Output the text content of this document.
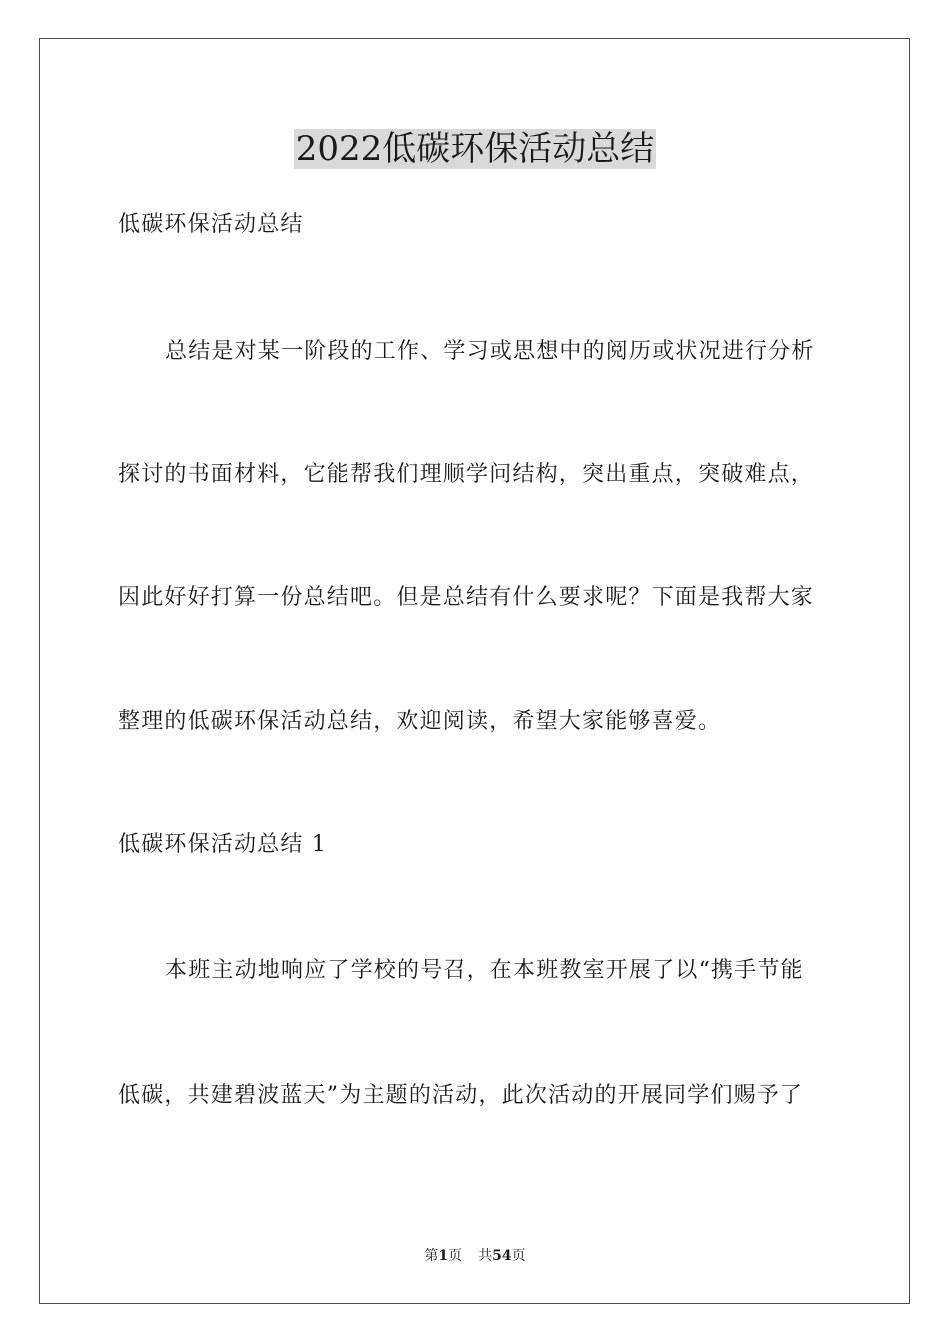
2022低碳环保活动总结
低碳环保活动总结
总结是对某一阶段的工作、学习或思想中的阅历或状况进行分析
探讨的书面材料，它能帮我们理顺学问结构，突出重点，突破难点，
因此好好打算一份总结吧。但是总结有什么要求呢？下面是我帮大家
整理的低碳环保活动总结，欢迎阅读，希望大家能够喜爱。
低碳环保活动总结 1
本班主动地响应了学校的号召，在本班教室开展了以“携手节能
低碳，共建碧波蓝天”为主题的活动，此次活动的开展同学们赐予了
第1页 共54页
